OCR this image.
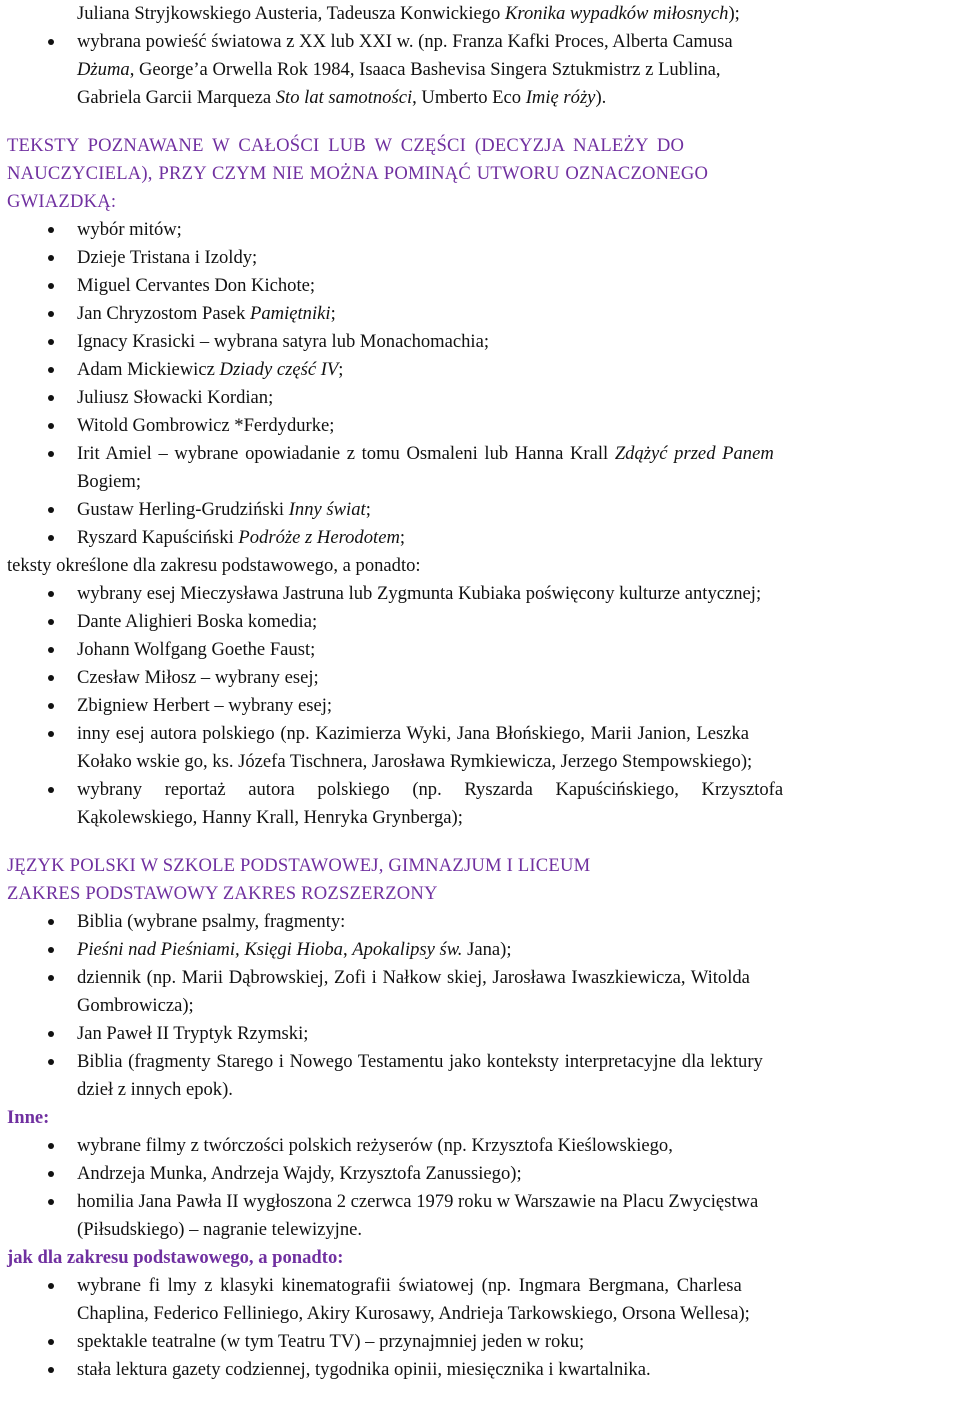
Juliana Stryjkowskiego Austeria, Tadeusza Konwickiego Kronika wypadków miłosnych);
wybrana powieść światowa z XX lub XXI w. (np. Franza Kafki Proces, Alberta Camusa
Dżuma, George’a Orwella Rok 1984, Isaaca Bashevisa Singera Sztukmistrz z Lublina,
Gabriela Garcii Marqueza Sto lat samotności, Umberto Eco Imię róży).
TEKSTY POZNAWANE W CAŁOŚCI LUB W CZĘŚCI (DECYZJA NALEŻY DO
NAUCZYCIELA), PRZY CZYM NIE MOŻNA POMINĄĆ UTWORU OZNACZONEGO
GWIAZDKĄ:
wybór mitów;
Dzieje Tristana i Izoldy;
Miguel Cervantes Don Kichote;
Jan Chryzostom Pasek Pamiętniki;
Ignacy Krasicki – wybrana satyra lub Monachomachia;
Adam Mickiewicz Dziady część IV;
Juliusz Słowacki Kordian;
Witold Gombrowicz *Ferdydurke;
Irit Amiel – wybrane opowiadanie z tomu Osmaleni lub Hanna Krall Zdążyć przed Panem
Bogiem;
Gustaw Herling-Grudziński Inny świat;
Ryszard Kapuściński Podróże z Herodotem;
teksty określone dla zakresu podstawowego, a ponadto:
wybrany esej Mieczysława Jastruna lub Zygmunta Kubiaka poświęcony kulturze antycznej;
Dante Alighieri Boska komedia;
Johann Wolfgang Goethe Faust;
Czesław Miłosz – wybrany esej;
Zbigniew Herbert – wybrany esej;
inny esej autora polskiego (np. Kazimierza Wyki, Jana Błońskiego, Marii Janion, Leszka
Kołako wskie go, ks. Józefa Tischnera, Jarosława Rymkiewicza, Jerzego Stempowskiego);
wybrany reportaż autora polskiego (np. Ryszarda Kapuścińskiego, Krzysztofa
Kąkolewskiego, Hanny Krall, Henryka Grynberga);
JĘZYK POLSKI W SZKOLE PODSTAWOWEJ, GIMNAZJUM I LICEUM
ZAKRES PODSTAWOWY ZAKRES ROZSZERZONY
Biblia (wybrane psalmy, fragmenty:
Pieśni nad Pieśniami, Księgi Hioba, Apokalipsy św. Jana);
dziennik (np. Marii Dąbrowskiej, Zofi i Nałkow skiej, Jarosława Iwaszkiewicza, Witolda
Gombrowicza);
Jan Paweł II Tryptyk Rzymski;
Biblia (fragmenty Starego i Nowego Testamentu jako konteksty interpretacyjne dla lektury
dzieł z innych epok).
Inne:
wybrane filmy z twórczości polskich reżyserów (np. Krzysztofa Kieślowskiego,
Andrzeja Munka, Andrzeja Wajdy, Krzysztofa Zanussiego);
homilia Jana Pawła II wygłoszona 2 czerwca 1979 roku w Warszawie na Placu Zwycięstwa
(Piłsudskiego) – nagranie telewizyjne.
jak dla zakresu podstawowego, a ponadto:
wybrane fi lmy z klasyki kinematografii światowej (np. Ingmara Bergmana, Charlesa
Chaplina, Federico Felliniego, Akiry Kurosawy, Andrieja Tarkowskiego, Orsona Wellesa);
spektakle teatralne (w tym Teatru TV) – przynajmniej jeden w roku;
stała lektura gazety codziennej, tygodnika opinii, miesięcznika i kwartalnika.
